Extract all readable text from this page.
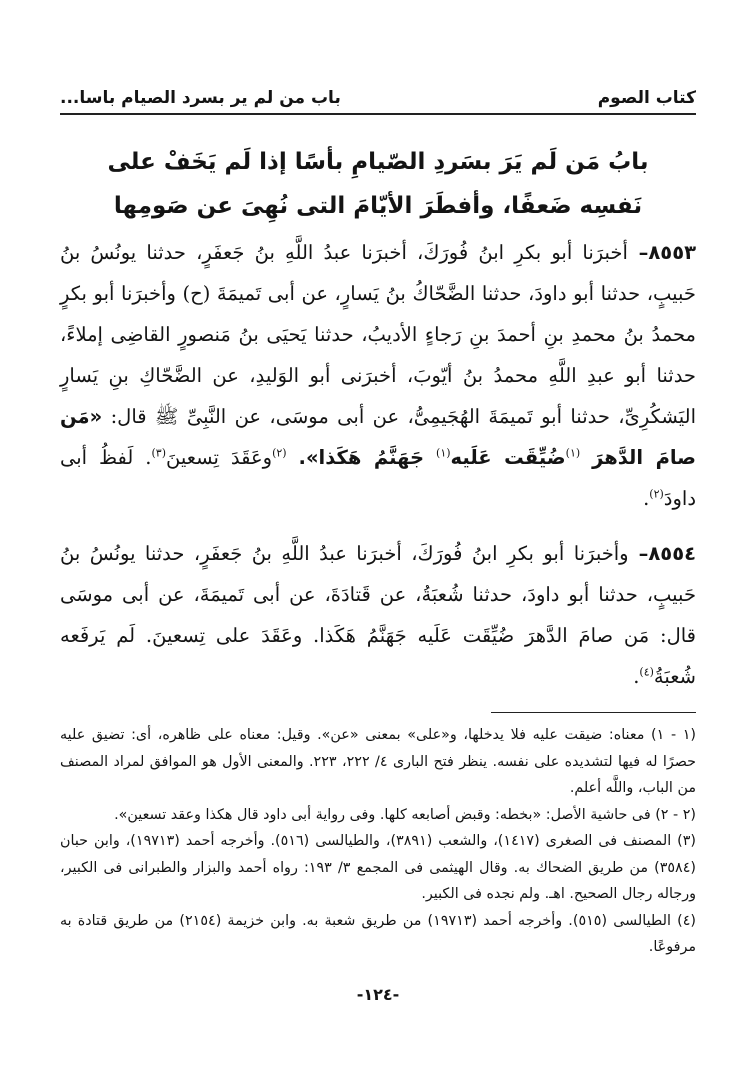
كتاب الصوم
باب من لم ير بسرد الصيام باسا...
بابُ مَن لَم يَرَ بسَردِ الصّيامِ بأسًا إذا لَم يَخَفْ على
نَفسِه ضَعفًا، وأفطَرَ الأيّامَ التى نُهِىَ عن صَومِها

٨٥٥٣– أخبرَنا أبو بكرِ ابنُ فُورَكَ، أخبرَنا عبدُ اللَّهِ بنُ جَعفَرٍ، حدثنا يونُسُ بنُ حَبيبٍ، حدثنا أبو داودَ، حدثنا الضَّحّاكُ بنُ يَسارٍ، عن أبى تَميمَةَ (ح) وأخبرَنا أبو بكرٍ محمدُ بنُ محمدِ بنِ أحمدَ بنِ رَجاءٍ الأديبُ، حدثنا يَحيَى بنُ مَنصورٍ القاضِى إملاءً، حدثنا أبو عبدِ اللَّهِ محمدُ بنُ أيّوبَ، أخبرَنى أبو الوَليدِ، عن الضَّحّاكِ بنِ يَسارٍ اليَشكُرِىِّ، حدثنا أبو تَميمَةَ الهُجَيمِىُّ، عن أبى موسَى، عن النَّبِىِّ ﷺ قال: «مَن صامَ الدَّهرَ $^{(١)}$ضُيِّقَت عَلَيه$^{(١)}$ جَهَنَّمُ هَكَذا». $^{(٢)}$وعَقَدَ تِسعينَ$^{(٣)}$. لَفظُ أبى داودَ$^{(٢)}$.

٨٥٥٤– وأخبرَنا أبو بكرِ ابنُ فُورَكَ، أخبرَنا عبدُ اللَّهِ بنُ جَعفَرٍ، حدثنا يونُسُ بنُ حَبيبٍ، حدثنا أبو داودَ، حدثنا شُعبَةُ، عن قَتادَةَ، عن أبى تَميمَةَ، عن أبى موسَى قال: مَن صامَ الدَّهرَ ضُيِّقَت عَلَيه جَهَنَّمُ هَكَذا. وعَقَدَ على تِسعينَ. لَم يَرفَعه شُعبَةُ$^{(٤)}$.

(١ - ١) معناه: ضيقت عليه فلا يدخلها، و«على» بمعنى «عن». وقيل: معناه على ظاهره، أى: تضيق عليه حصرًا له فيها لتشديده على نفسه. ينظر فتح البارى ٤/ ٢٢٢، ٢٢٣. والمعنى الأول هو الموافق لمراد المصنف من الباب، واللَّه أعلم.

(٢ - ٢) فى حاشية الأصل: «بخطه: وقبض أصابعه كلها. وفى رواية أبى داود قال هكذا وعقد تسعين».

(٣) المصنف فى الصغرى (١٤١٧)، والشعب (٣٨٩١)، والطيالسى (٥١٦). وأخرجه أحمد (١٩٧١٣)، وابن حبان (٣٥٨٤) من طريق الضحاك به. وقال الهيثمى فى المجمع ٣/ ١٩٣: رواه أحمد والبزار والطبرانى فى الكبير، ورجاله رجال الصحيح. اهـ. ولم نجده فى الكبير.

(٤) الطيالسى (٥١٥). وأخرجه أحمد (١٩٧١٣) من طريق شعبة به. وابن خزيمة (٢١٥٤) من طريق قتادة به مرفوعًا.

-١٢٤-
